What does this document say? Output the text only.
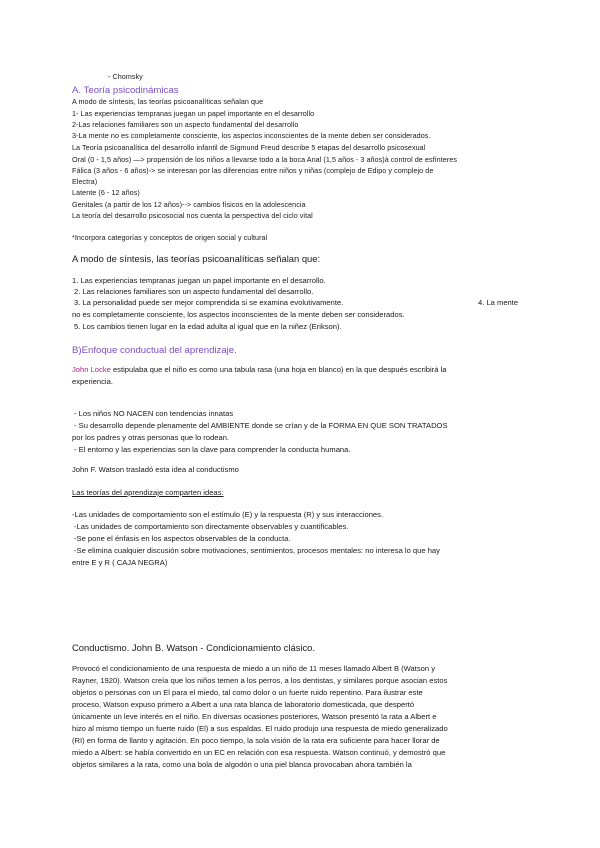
- Chomsky
A. Teoría psicodinámicas
A modo de síntesis, las teorías psicoanalíticas señalan que
1- Las experiencias tempranas juegan un papel importante en el desarrollo
2-Las relaciones familiares son un aspecto fundamental del desarrollo
3-La mente no es completamente consciente, los aspectos inconscientes de la mente deben ser considerados.
La Teoría psicoanalítica del desarrollo infantil de Sigmund Freud describe 5 etapas del desarrollo psicosexual
Oral (0 - 1,5 años) —> propensión de los niños a llevarse todo a la boca Anal (1,5 años - 3 años)à control de esfínteres
Fálica (3 años - 6 años)-> se interesan por las diferencias entre niños y niñas (complejo de Edipo y complejo de
Electra)
Latente (6 - 12 años)
Genitales (a partir de los 12 años)--> cambios físicos en la adolescencia
La teoría del desarrollo psicosocial nos cuenta la perspectiva del ciclo vital
*Incorpora categorías y conceptos de origen social y cultural
A modo de síntesis, las teorías psicoanalíticas señalan que:
1. Las experiencias tempranas juegan un papel importante en el desarrollo.
2. Las relaciones familiares son un aspecto fundamental del desarrollo.
3. La personalidad puede ser mejor comprendida si se examina evolutivamente.	4. La mente
no es completamente consciente, los aspectos inconscientes de la mente deben ser considerados.
5. Los cambios tienen lugar en la edad adulta al igual que en la niñez (Erikson).
B)Enfoque conductual del aprendizaje.
John Locke estipulaba que el niño es como una tabula rasa (una hoja en blanco) en la que después escribirá la
experiencia.
- Los niños NO NACEN con tendencias innatas
- Su desarrollo depende plenamente del AMBIENTE donde se crían y de la FORMA EN QUE SON TRATADOS
por los padres y otras personas que lo rodean.
- El entorno y las experiencias son la clave para comprender la conducta humana.
John F. Watson trasladó esta idea al conductismo
Las teorías del aprendizaje comparten ideas:
-Las unidades de comportamiento son el estímulo (E) y la respuesta (R) y sus interacciones.
-Las unidades de comportamiento son directamente observables y cuantificables.
-Se pone el énfasis en los aspectos observables de la conducta.
-Se elimina cualquier discusión sobre motivaciones, sentimientos, procesos mentales: no interesa lo que hay
entre E y R ( CAJA NEGRA)
Conductismo. John B. Watson - Condicionamiento clásico.
Provocó el condicionamiento de una respuesta de miedo a un niño de 11 meses llamado Albert B (Watson y
Rayner, 1920). Watson creía que los niños temen a los perros, a los dentistas, y similares porque asocian estos
objetos o personas con un El para el miedo, tal como dolor o un fuerte ruido repentino. Para ilustrar este
proceso, Watson expuso primero a Albert a una rata blanca de laboratorio domesticada, que despertó
únicamente un leve interés en el niño. En diversas ocasiones posteriores, Watson presentó la rata a Albert e
hizo al mismo tiempo un fuerte ruido (El) a sus espaldas. El ruido produjo una respuesta de miedo generalizado
(RI) en forma de llanto y agitación. En poco tiempo, la sola visión de la rata era suficiente para hacer llorar de
miedo a Albert: se había convertido en un EC en relación con esa respuesta. Watson continuó, y demostró que
objetos similares a la rata, como una bola de algodón o una piel blanca provocaban ahora también la
